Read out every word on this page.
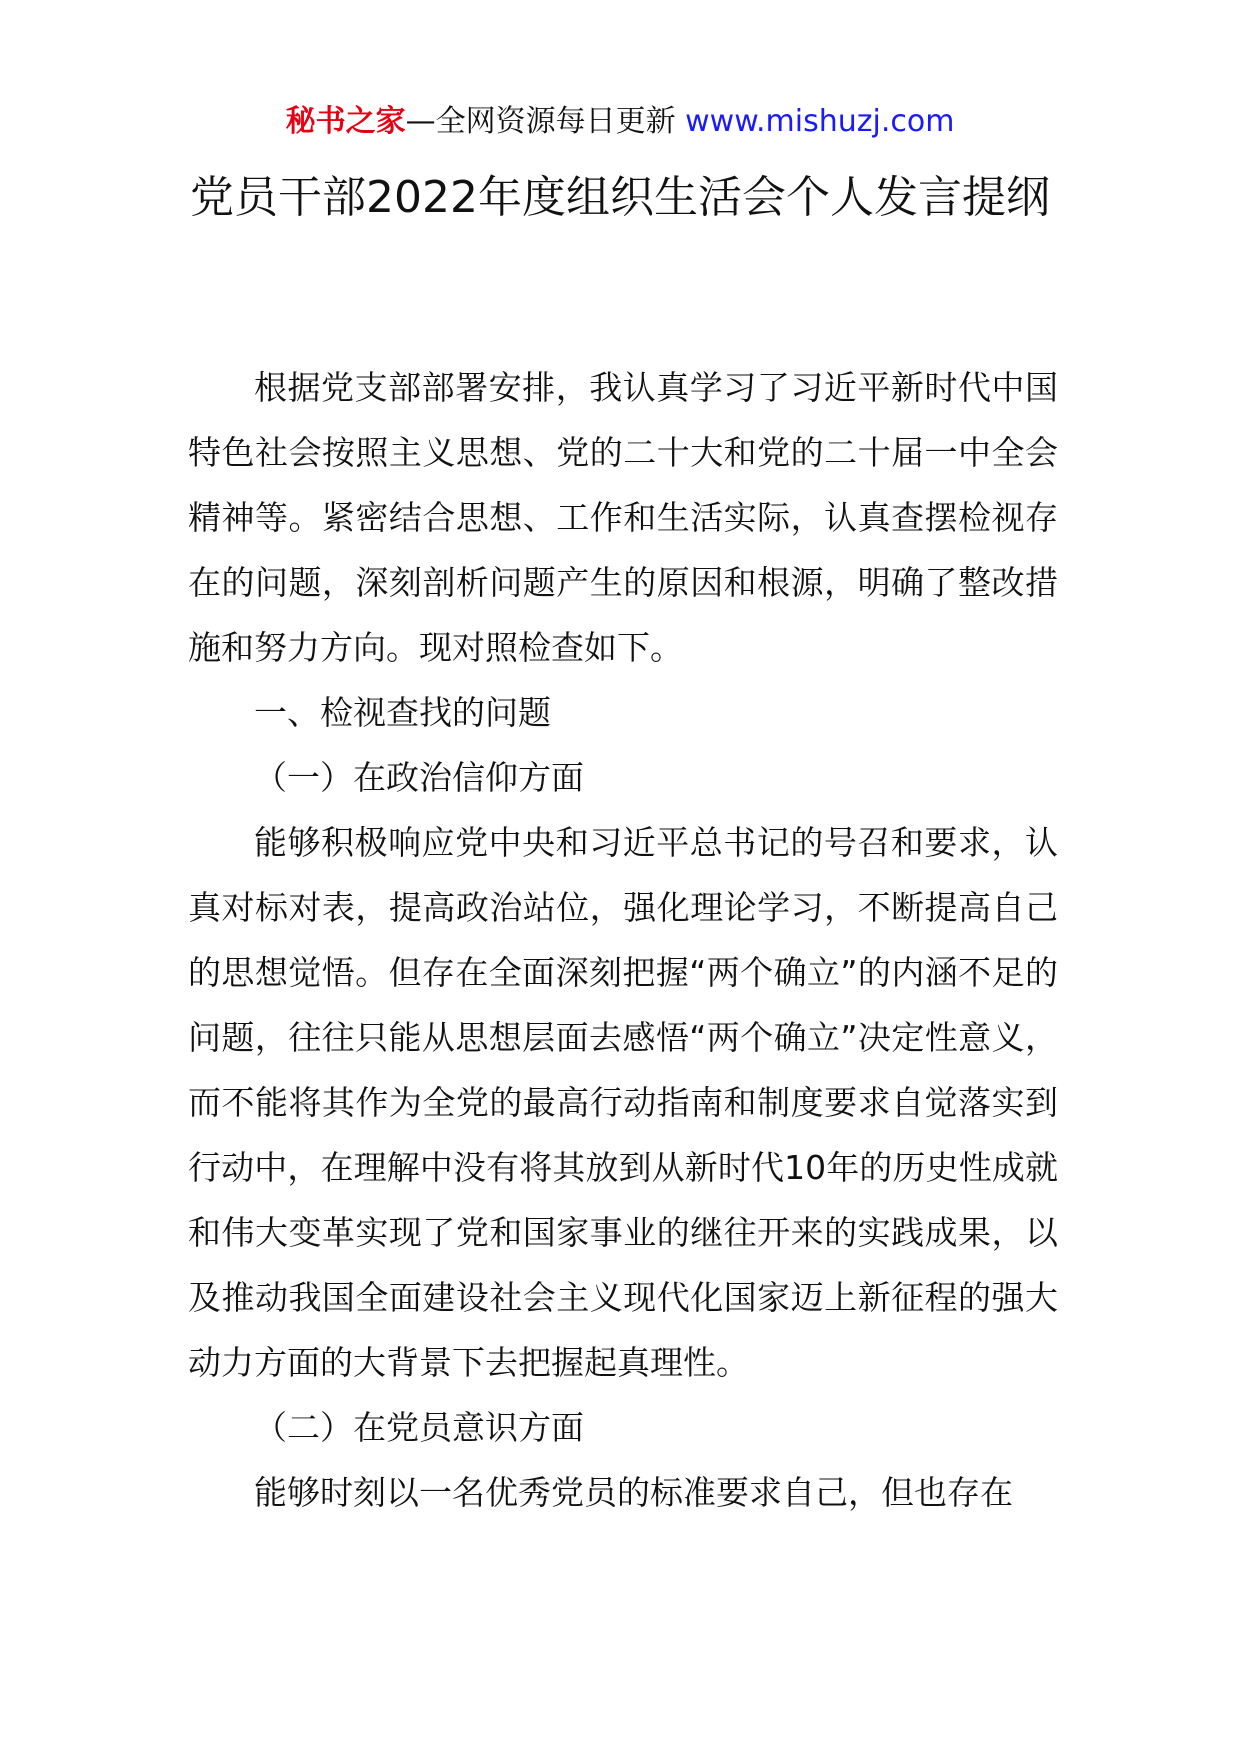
秘书之家—全网资源每日更新 www.mishuzj.com
党员干部2022年度组织生活会个人发言提纲

根据党支部部署安排，我认真学习了习近平新时代中国特色社会按照主义思想、党的二十大和党的二十届一中全会精神等。紧密结合思想、工作和生活实际，认真查摆检视存在的问题，深刻剖析问题产生的原因和根源，明确了整改措施和努力方向。现对照检查如下。

一、检视查找的问题

（一）在政治信仰方面

能够积极响应党中央和习近平总书记的号召和要求，认真对标对表，提高政治站位，强化理论学习，不断提高自己的思想觉悟。但存在全面深刻把握“两个确立”的内涵不足的问题，往往只能从思想层面去感悟“两个确立”决定性意义，而不能将其作为全党的最高行动指南和制度要求自觉落实到行动中，在理解中没有将其放到从新时代10年的历史性成就和伟大变革实现了党和国家事业的继往开来的实践成果，以及推动我国全面建设社会主义现代化国家迈上新征程的强大动力方面的大背景下去把握起真理性。

（二）在党员意识方面

能够时刻以一名优秀党员的标准要求自己，但也存在
